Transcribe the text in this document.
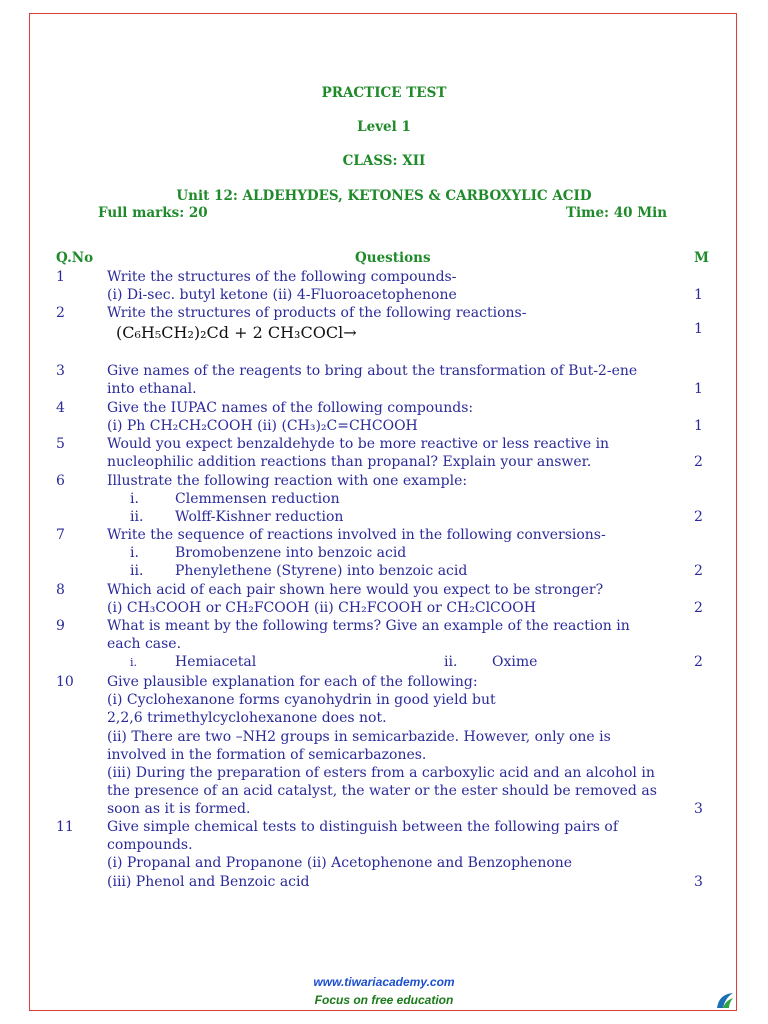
PRACTICE TEST
Level 1
CLASS: XII
Unit 12: ALDEHYDES, KETONES & CARBOXYLIC ACID
Full marks: 20	Time: 40 Min
Q.No	Questions	M
1	Write the structures of the following compounds-
(i) Di-sec. butyl ketone (ii) 4-Fluoroacetophenone	1
2	Write the structures of products of the following reactions-
(C₆H₅CH₂)₂Cd + 2 CH₃COCl→	1
3	Give names of the reagents to bring about the transformation of But-2-ene
into ethanal.	1
4	Give the IUPAC names of the following compounds:
(i) Ph CH₂CH₂COOH (ii) (CH₃)₂C=CHCOOH	1
5	Would you expect benzaldehyde to be more reactive or less reactive in
nucleophilic addition reactions than propanal? Explain your answer.	2
6	Illustrate the following reaction with one example:
i.	Clemmensen reduction
ii. Wolff-Kishner reduction	2
7	Write the sequence of reactions involved in the following conversions-
i.	Bromobenzene into benzoic acid
ii. Phenylethene (Styrene) into benzoic acid	2
8	Which acid of each pair shown here would you expect to be stronger?
(i) CH₃COOH or CH₂FCOOH (ii) CH₂FCOOH or CH₂ClCOOH	2
9	What is meant by the following terms? Give an example of the reaction in
each case.
i.	Hemiacetal	ii. Oxime	2
10 Give plausible explanation for each of the following:
(i) Cyclohexanone forms cyanohydrin in good yield but
2,2,6 trimethylcyclohexanone does not.
(ii) There are two –NH2 groups in semicarbazide. However, only one is
involved in the formation of semicarbazones.
(iii) During the preparation of esters from a carboxylic acid and an alcohol in
the presence of an acid catalyst, the water or the ester should be removed as
soon as it is formed.	3
11 Give simple chemical tests to distinguish between the following pairs of
compounds.
(i) Propanal and Propanone (ii) Acetophenone and Benzophenone
(iii) Phenol and Benzoic acid	3
www.tiwariacademy.com
Focus on free education
